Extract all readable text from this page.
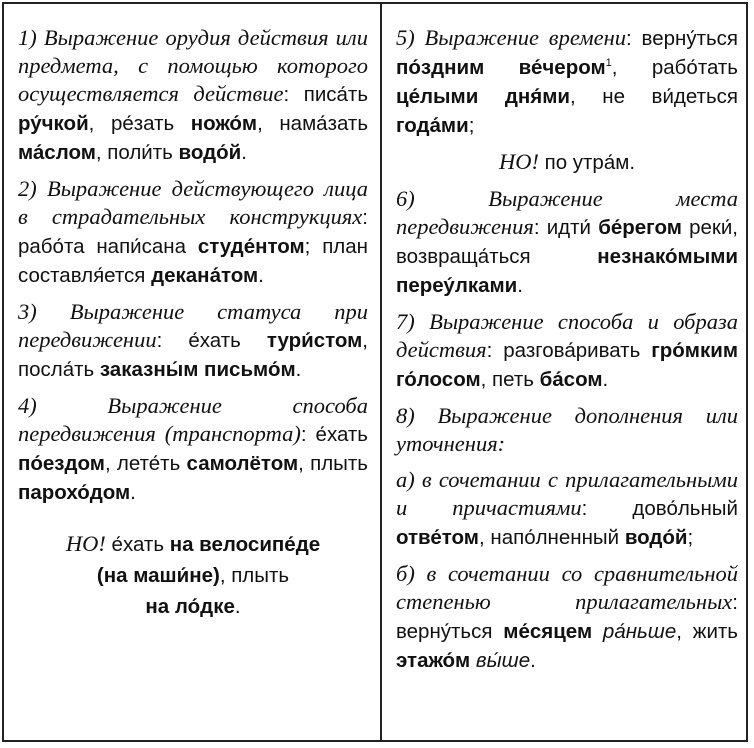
1) Выражение орудия действия или предмета, с помощью которого осуществляется действие: писа́ть ру́чкой, ре́зать ножо́м, нама́зать ма́слом, поли́ть водо́й.
2) Выражение действующего лица в страдательных конструкциях: рабо́та напи́сана студе́нтом; план составля́ется декана́том.
3) Выражение статуса при передвижении: е́хать тури́стом, посла́ть заказны́м письмо́м.
4)	Выражение способа передвижения (транспорта): е́хать по́ездом, лете́ть самолётом, плыть парохо́дом.
НО! е́хать на велосипе́де
(на маши́не), плыть
на ло́дке.
5) Выражение времени: верну́ться по́здним ве́чером$^1$, рабо́тать це́лыми дня́ми, не ви́деться года́ми;
НО! по утра́м.
6)	Выражение места передвижения: идти́ бе́регом реки́, возвраща́ться незнако́мыми переу́лками.
7) Выражение способа и образа действия: разгова́ривать гро́мким го́лосом, петь ба́сом.
8) Выражение дополнения или уточнения:
а) в сочетании с прилагательными и причастиями: дово́льный отве́том, напо́лненный водо́й;
б) в сочетании со сравнительной степенью прилагательных: верну́ться ме́сяцем ра́ньше, жить этажо́м вы́ше.
